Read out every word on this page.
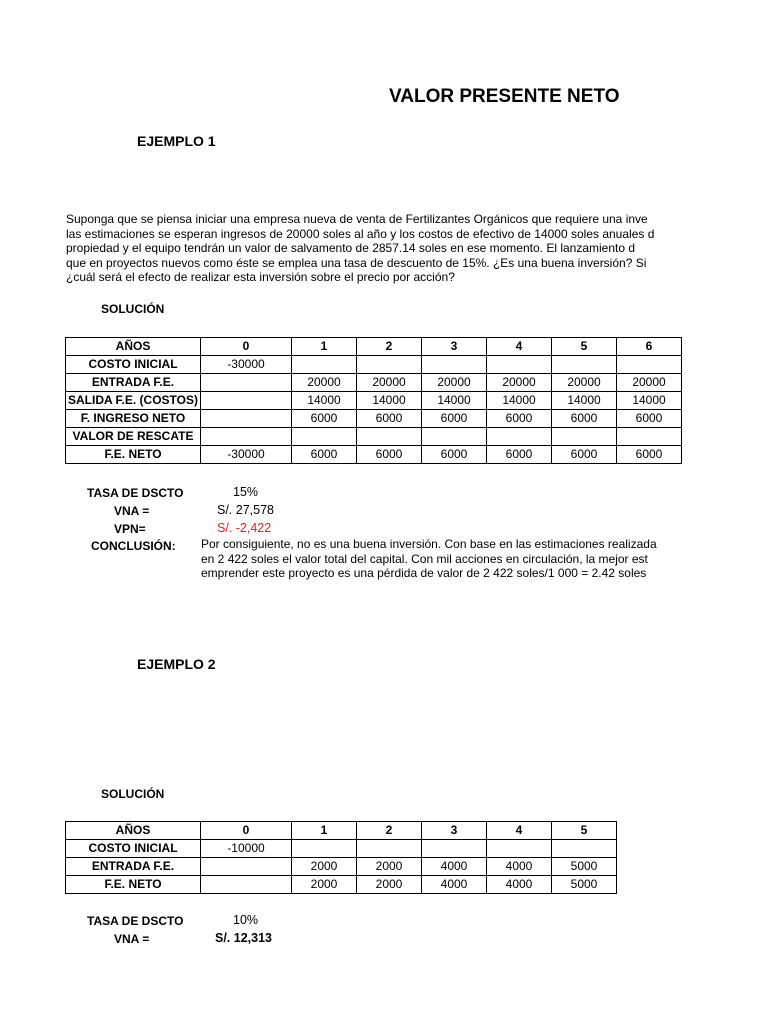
VALOR PRESENTE NETO
EJEMPLO 1
Suponga que se piensa iniciar una empresa nueva de venta de Fertilizantes Orgánicos que requiere una inve
las estimaciones se esperan ingresos de 20000 soles al año y los costos de efectivo de 14000 soles anuales d
propiedad y el equipo tendrán un valor de salvamento de 2857.14 soles en ese momento. El lanzamiento d
que en proyectos nuevos como éste se emplea una tasa de descuento de 15%. ¿Es una buena inversión? Si
¿cuál será el efecto de realizar esta inversión sobre el precio por acción?
SOLUCIÓN
AÑOS	0	1	2	3	4	5	6
COSTO INICIAL	-30000						
ENTRADA F.E.		20000	20000	20000	20000	20000	20000
SALIDA F.E. (COSTOS)		14000	14000	14000	14000	14000	14000
F. INGRESO NETO		6000	6000	6000	6000	6000	6000
VALOR DE RESCATE							
F.E. NETO	-30000	6000	6000	6000	6000	6000	6000
TASA DE DSCTO	15%
VNA =	S/. 27,578
VPN=	S/. -2,422
CONCLUSIÓN: Por consiguiente, no es una buena inversión. Con base en las estimaciones realizada
en 2 422 soles el valor total del capital. Con mil acciones en circulación, la mejor est
emprender este proyecto es una pérdida de valor de 2 422 soles/1 000 = 2.42 soles
EJEMPLO 2
SOLUCIÓN
AÑOS	0	1	2	3	4	5
COSTO INICIAL	-10000					
ENTRADA F.E.		2000	2000	4000	4000	5000
F.E. NETO		2000	2000	4000	4000	5000
TASA DE DSCTO	10%
VNA =	S/. 12,313
